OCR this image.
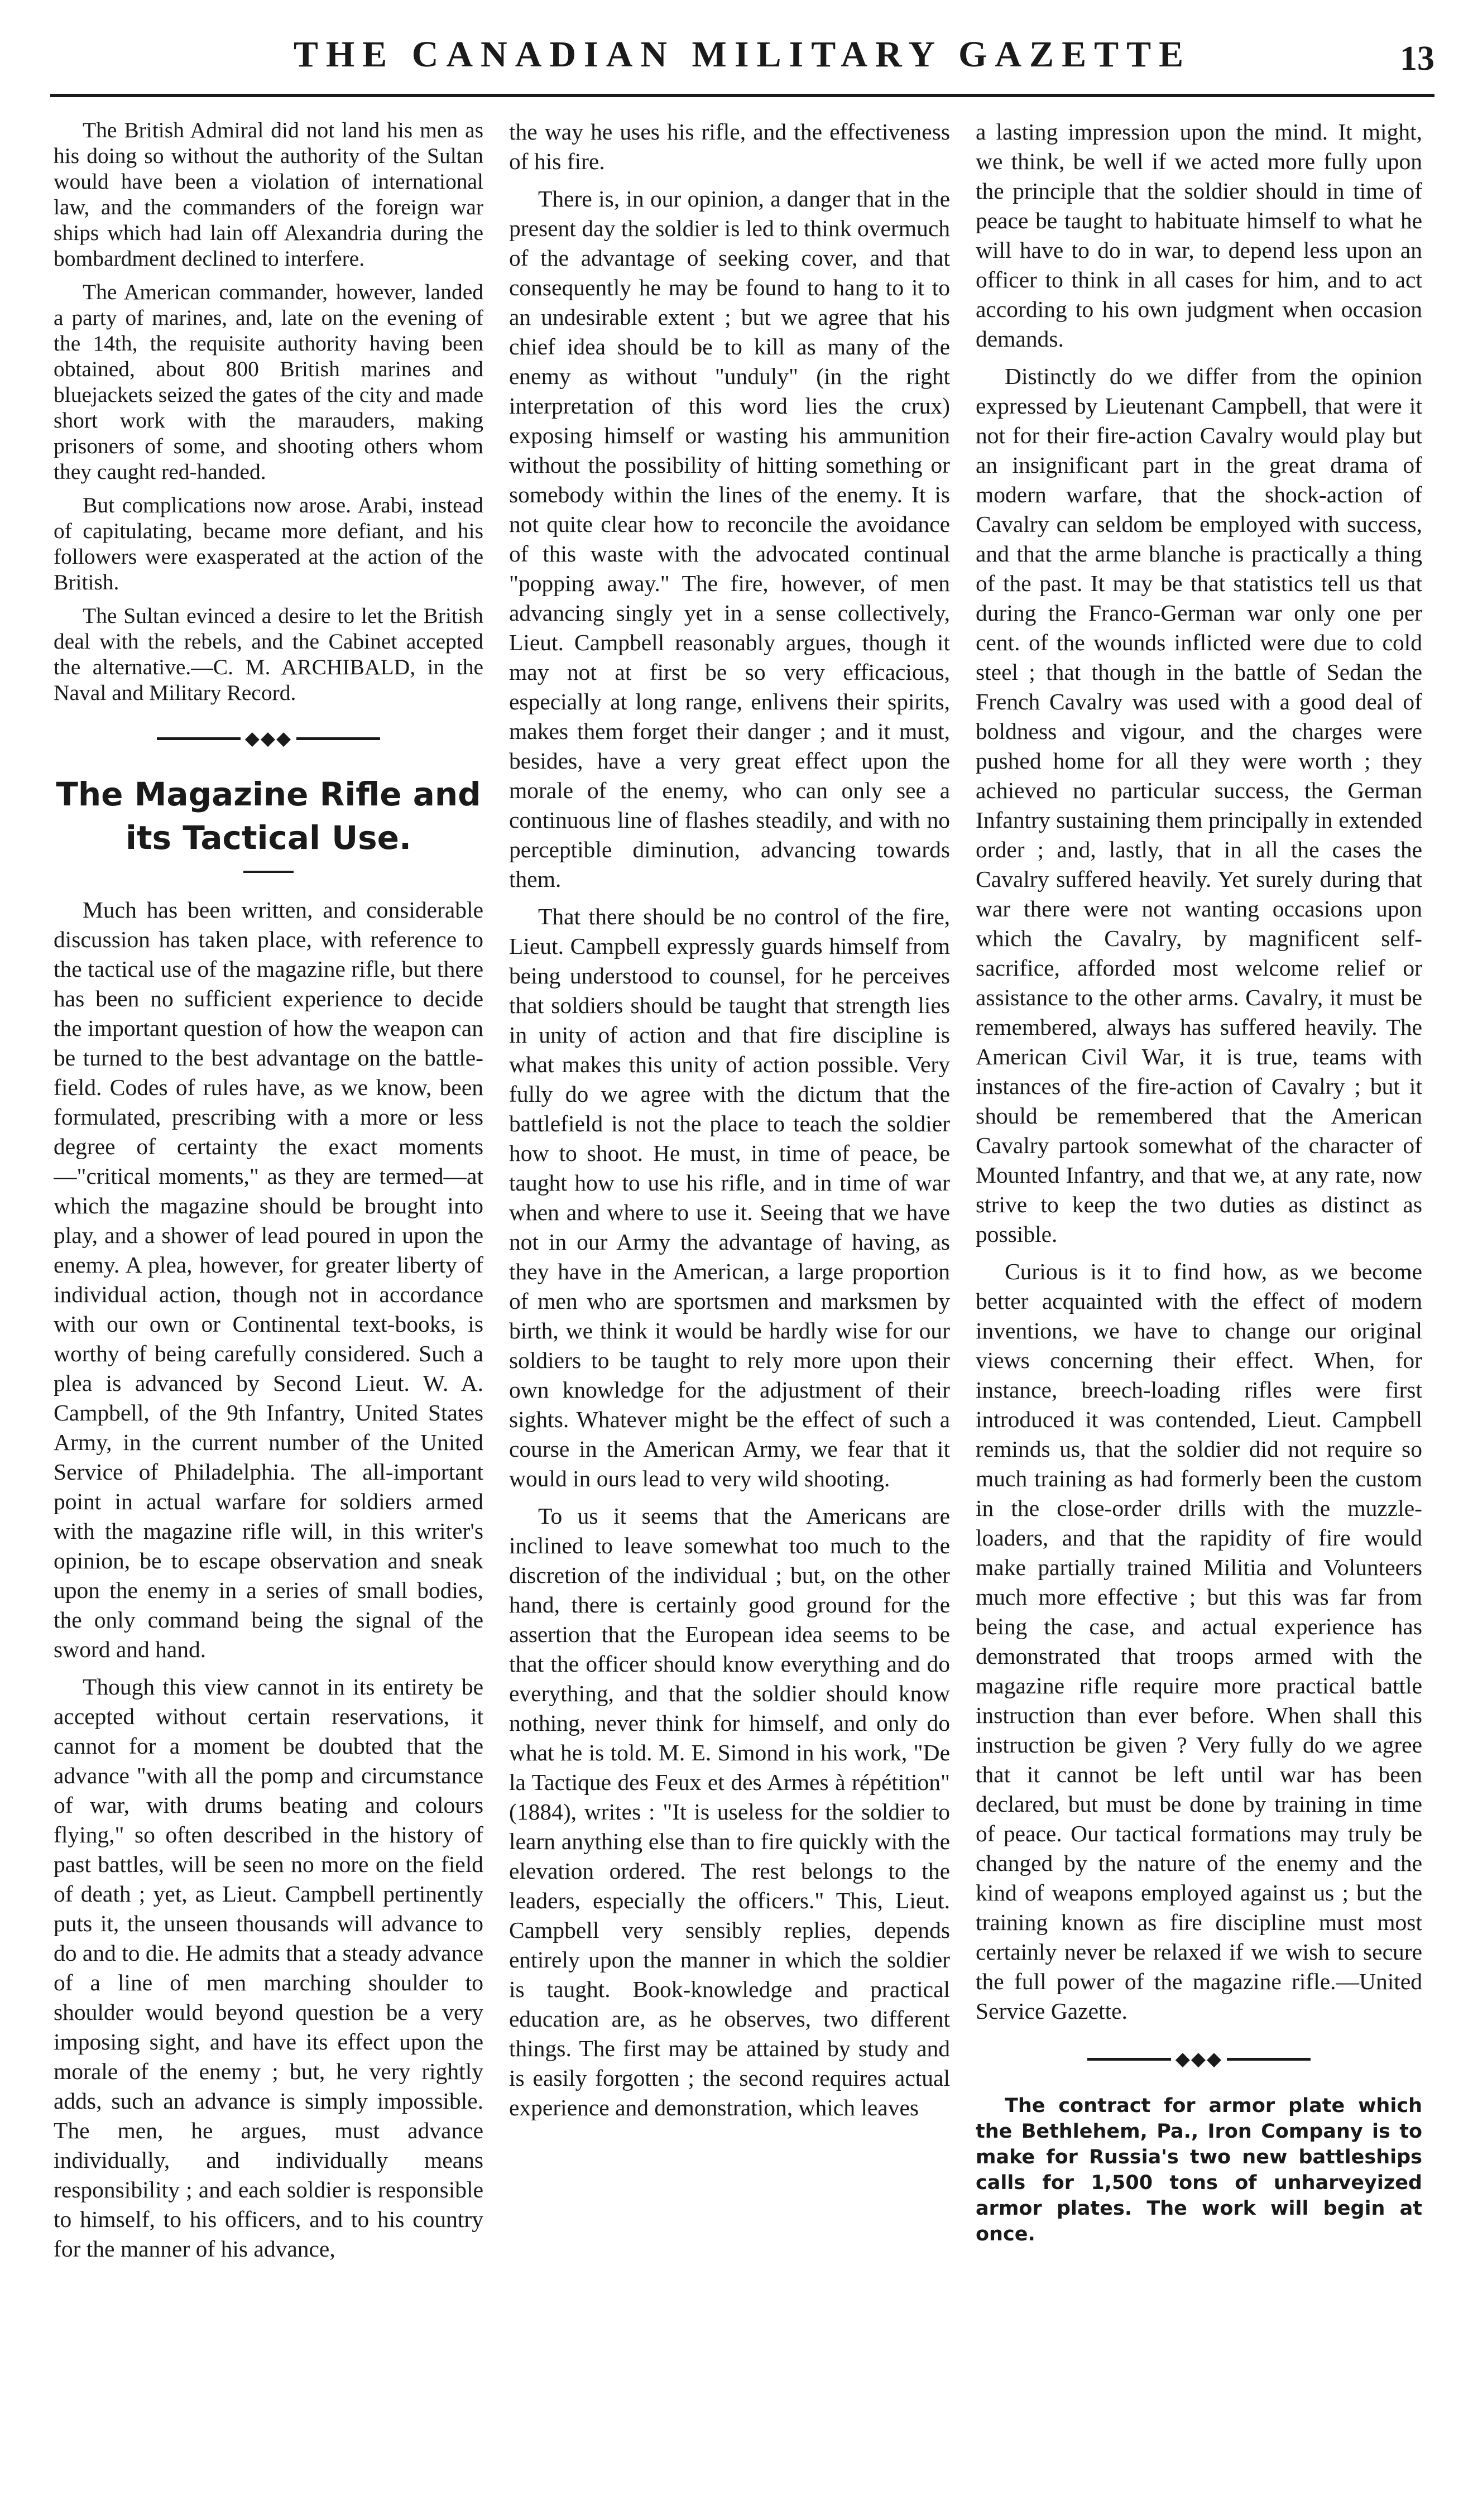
THE CANADIAN MILITARY GAZETTE	13

The British Admiral did not land his men as his doing so without the authority of the Sultan would have been a violation of international law, and the commanders of the foreign war ships which had lain off Alexandria during the bombardment declined to interfere.

The American commander, however, landed a party of marines, and, late on the evening of the 14th, the requisite authority having been obtained, about 800 British marines and bluejackets seized the gates of the city and made short work with the marauders, making prisoners of some, and shooting others whom they caught red-handed.

But complications now arose. Arabi, instead of capitulating, became more defiant, and his followers were exasperated at the action of the British.

The Sultan evinced a desire to let the British deal with the rebels, and the Cabinet accepted the alternative.—C. M. ARCHIBALD, in the Naval and Military Record.

◆◆◆
The Magazine Rifle and its Tactical Use.

Much has been written, and considerable discussion has taken place, with reference to the tactical use of the magazine rifle, but there has been no sufficient experience to decide the important question of how the weapon can be turned to the best advantage on the battle-field. Codes of rules have, as we know, been formulated, prescribing with a more or less degree of certainty the exact moments—"critical moments," as they are termed—at which the magazine should be brought into play, and a shower of lead poured in upon the enemy. A plea, however, for greater liberty of individual action, though not in accordance with our own or Continental text-books, is worthy of being carefully considered. Such a plea is advanced by Second Lieut. W. A. Campbell, of the 9th Infantry, United States Army, in the current number of the United Service of Philadelphia. The all-important point in actual warfare for soldiers armed with the magazine rifle will, in this writer's opinion, be to escape observation and sneak upon the enemy in a series of small bodies, the only command being the signal of the sword and hand.

Though this view cannot in its entirety be accepted without certain reservations, it cannot for a moment be doubted that the advance "with all the pomp and circumstance of war, with drums beating and colours flying," so often described in the history of past battles, will be seen no more on the field of death ; yet, as Lieut. Campbell pertinently puts it, the unseen thousands will advance to do and to die. He admits that a steady advance of a line of men marching shoulder to shoulder would beyond question be a very imposing sight, and have its effect upon the morale of the enemy ; but, he very rightly adds, such an advance is simply impossible. The men, he argues, must advance individually, and individually means responsibility ; and each soldier is responsible to himself, to his officers, and to his country for the manner of his advance,

the way he uses his rifle, and the effectiveness of his fire.

There is, in our opinion, a danger that in the present day the soldier is led to think overmuch of the advantage of seeking cover, and that consequently he may be found to hang to it to an undesirable extent ; but we agree that his chief idea should be to kill as many of the enemy as without "unduly" (in the right interpretation of this word lies the crux) exposing himself or wasting his ammunition without the possibility of hitting something or somebody within the lines of the enemy. It is not quite clear how to reconcile the avoidance of this waste with the advocated continual "popping away." The fire, however, of men advancing singly yet in a sense collectively, Lieut. Campbell reasonably argues, though it may not at first be so very efficacious, especially at long range, enlivens their spirits, makes them forget their danger ; and it must, besides, have a very great effect upon the morale of the enemy, who can only see a continuous line of flashes steadily, and with no perceptible diminution, advancing towards them.

That there should be no control of the fire, Lieut. Campbell expressly guards himself from being understood to counsel, for he perceives that soldiers should be taught that strength lies in unity of action and that fire discipline is what makes this unity of action possible. Very fully do we agree with the dictum that the battlefield is not the place to teach the soldier how to shoot. He must, in time of peace, be taught how to use his rifle, and in time of war when and where to use it. Seeing that we have not in our Army the advantage of having, as they have in the American, a large proportion of men who are sportsmen and marksmen by birth, we think it would be hardly wise for our soldiers to be taught to rely more upon their own knowledge for the adjustment of their sights. Whatever might be the effect of such a course in the American Army, we fear that it would in ours lead to very wild shooting.

To us it seems that the Americans are inclined to leave somewhat too much to the discretion of the individual ; but, on the other hand, there is certainly good ground for the assertion that the European idea seems to be that the officer should know everything and do everything, and that the soldier should know nothing, never think for himself, and only do what he is told. M. E. Simond in his work, "De la Tactique des Feux et des Armes à répétition" (1884), writes : "It is useless for the soldier to learn anything else than to fire quickly with the elevation ordered. The rest belongs to the leaders, especially the officers." This, Lieut. Campbell very sensibly replies, depends entirely upon the manner in which the soldier is taught. Book-knowledge and practical education are, as he observes, two different things. The first may be attained by study and is easily forgotten ; the second requires actual experience and demonstration, which leaves

a lasting impression upon the mind. It might, we think, be well if we acted more fully upon the principle that the soldier should in time of peace be taught to habituate himself to what he will have to do in war, to depend less upon an officer to think in all cases for him, and to act according to his own judgment when occasion demands.

Distinctly do we differ from the opinion expressed by Lieutenant Campbell, that were it not for their fire-action Cavalry would play but an insignificant part in the great drama of modern warfare, that the shock-action of Cavalry can seldom be employed with success, and that the arme blanche is practically a thing of the past. It may be that statistics tell us that during the Franco-German war only one per cent. of the wounds inflicted were due to cold steel ; that though in the battle of Sedan the French Cavalry was used with a good deal of boldness and vigour, and the charges were pushed home for all they were worth ; they achieved no particular success, the German Infantry sustaining them principally in extended order ; and, lastly, that in all the cases the Cavalry suffered heavily. Yet surely during that war there were not wanting occasions upon which the Cavalry, by magnificent self-sacrifice, afforded most welcome relief or assistance to the other arms. Cavalry, it must be remembered, always has suffered heavily. The American Civil War, it is true, teams with instances of the fire-action of Cavalry ; but it should be remembered that the American Cavalry partook somewhat of the character of Mounted Infantry, and that we, at any rate, now strive to keep the two duties as distinct as possible.

Curious is it to find how, as we become better acquainted with the effect of modern inventions, we have to change our original views concerning their effect. When, for instance, breech-loading rifles were first introduced it was contended, Lieut. Campbell reminds us, that the soldier did not require so much training as had formerly been the custom in the close-order drills with the muzzle-loaders, and that the rapidity of fire would make partially trained Militia and Volunteers much more effective ; but this was far from being the case, and actual experience has demonstrated that troops armed with the magazine rifle require more practical battle instruction than ever before. When shall this instruction be given ? Very fully do we agree that it cannot be left until war has been declared, but must be done by training in time of peace. Our tactical formations may truly be changed by the nature of the enemy and the kind of weapons employed against us ; but the training known as fire discipline must most certainly never be relaxed if we wish to secure the full power of the magazine rifle.—United Service Gazette.

◆◆◆

The contract for armor plate which the Bethlehem, Pa., Iron Company is to make for Russia's two new battleships calls for 1,500 tons of unharveyized armor plates. The work will begin at once.
